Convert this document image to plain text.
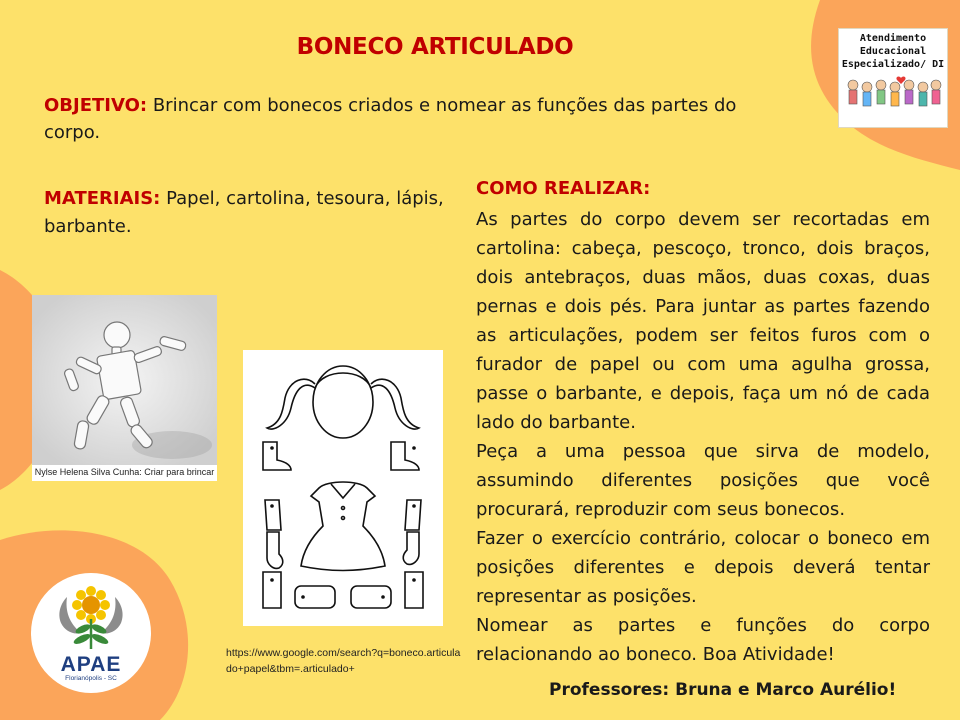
BONECO ARTICULADO
OBJETIVO: Brincar com bonecos criados e nomear as funções das partes do corpo.
MATERIAIS: Papel, cartolina, tesoura, lápis, barbante.
COMO REALIZAR:

As partes do corpo devem ser recortadas em cartolina: cabeça, pescoço, tronco, dois braços, dois antebraços, duas mãos, duas coxas, duas pernas e dois pés. Para juntar as partes fazendo as articulações, podem ser feitos furos com o furador de papel ou com uma agulha grossa, passe o barbante, e depois, faça um nó de cada lado do barbante.

Peça a uma pessoa que sirva de modelo, assumindo diferentes posições que você procurará, reproduzir com seus bonecos.

Fazer o exercício contrário, colocar o boneco em posições diferentes e depois deverá tentar representar as posições.

Nomear as partes e funções do corpo relacionando ao boneco. Boa Atividade!

Nylse Helena Silva Cunha: Criar para brincar
https://www.google.com/search?q=boneco.articulado+papel&tbm=.articulado+
Professores: Bruna e Marco Aurélio!
Atendimento
Educacional
Especializado/ DI
APAE
Florianópolis - SC
